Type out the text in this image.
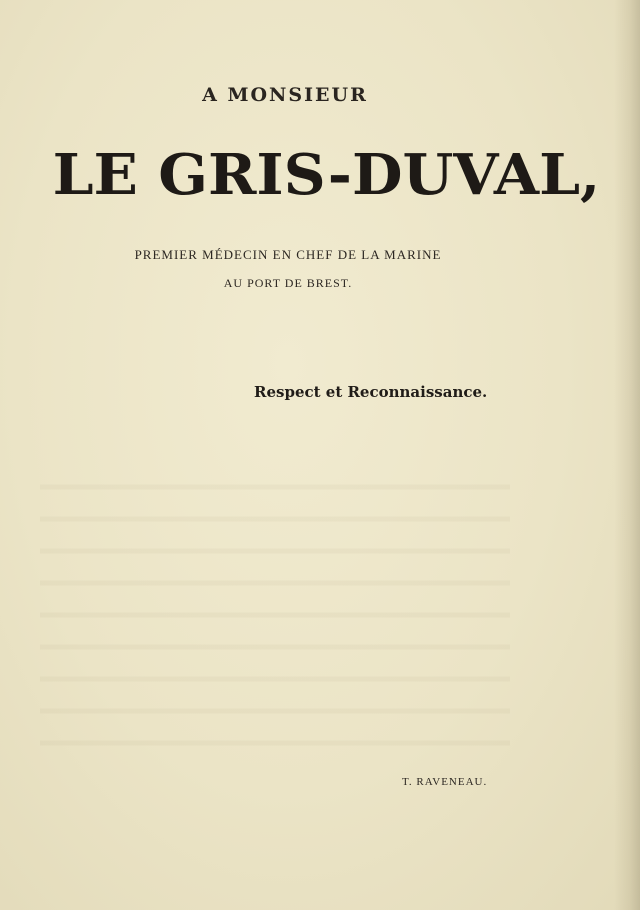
A MONSIEUR
LE GRIS-DUVAL,
PREMIER MÉDECIN EN CHEF DE LA MARINE
AU PORT DE BREST.
Respect et Reconnaissance.
T. RAVENEAU.
